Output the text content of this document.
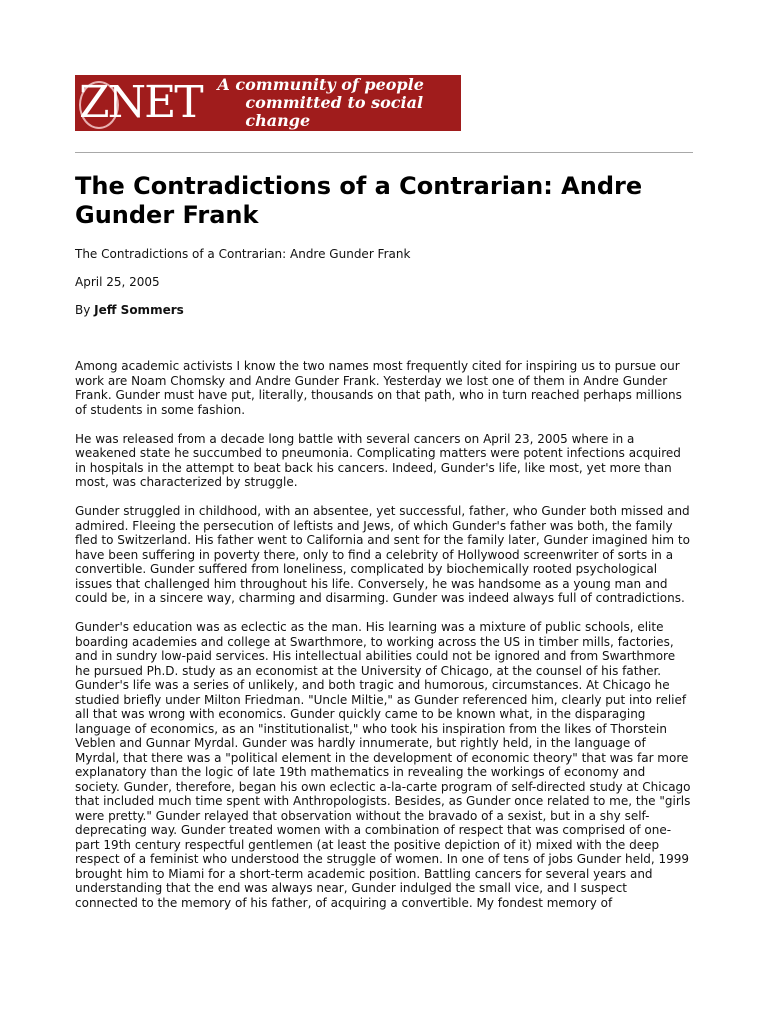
ZNET A community of people
committed to social change
The Contradictions of a Contrarian: Andre Gunder Frank

The Contradictions of a Contrarian: Andre Gunder Frank

April 25, 2005

By Jeff Sommers

Among academic activists I know the two names most frequently cited for inspiring us to pursue our work are Noam Chomsky and Andre Gunder Frank. Yesterday we lost one of them in Andre Gunder Frank. Gunder must have put, literally, thousands on that path, who in turn reached perhaps millions of students in some fashion.

He was released from a decade long battle with several cancers on April 23, 2005 where in a weakened state he succumbed to pneumonia. Complicating matters were potent infections acquired in hospitals in the attempt to beat back his cancers. Indeed, Gunder's life, like most, yet more than most, was characterized by struggle.

Gunder struggled in childhood, with an absentee, yet successful, father, who Gunder both missed and admired. Fleeing the persecution of leftists and Jews, of which Gunder's father was both, the family fled to Switzerland. His father went to California and sent for the family later, Gunder imagined him to have been suffering in poverty there, only to find a celebrity of Hollywood screenwriter of sorts in a convertible. Gunder suffered from loneliness, complicated by biochemically rooted psychological issues that challenged him throughout his life. Conversely, he was handsome as a young man and could be, in a sincere way, charming and disarming. Gunder was indeed always full of contradictions.

Gunder's education was as eclectic as the man. His learning was a mixture of public schools, elite boarding academies and college at Swarthmore, to working across the US in timber mills, factories, and in sundry low-paid services. His intellectual abilities could not be ignored and from Swarthmore he pursued Ph.D. study as an economist at the University of Chicago, at the counsel of his father. Gunder's life was a series of unlikely, and both tragic and humorous, circumstances. At Chicago he studied briefly under Milton Friedman. "Uncle Miltie," as Gunder referenced him, clearly put into relief all that was wrong with economics. Gunder quickly came to be known what, in the disparaging language of economics, as an "institutionalist," who took his inspiration from the likes of Thorstein Veblen and Gunnar Myrdal. Gunder was hardly innumerate, but rightly held, in the language of Myrdal, that there was a "political element in the development of economic theory" that was far more explanatory than the logic of late 19th mathematics in revealing the workings of economy and society. Gunder, therefore, began his own eclectic a-la-carte program of self-directed study at Chicago that included much time spent with Anthropologists. Besides, as Gunder once related to me, the "girls were pretty." Gunder relayed that observation without the bravado of a sexist, but in a shy self-deprecating way. Gunder treated women with a combination of respect that was comprised of one-part 19th century respectful gentlemen (at least the positive depiction of it) mixed with the deep respect of a feminist who understood the struggle of women. In one of tens of jobs Gunder held, 1999 brought him to Miami for a short-term academic position. Battling cancers for several years and understanding that the end was always near, Gunder indulged the small vice, and I suspect connected to the memory of his father, of acquiring a convertible. My fondest memory of
